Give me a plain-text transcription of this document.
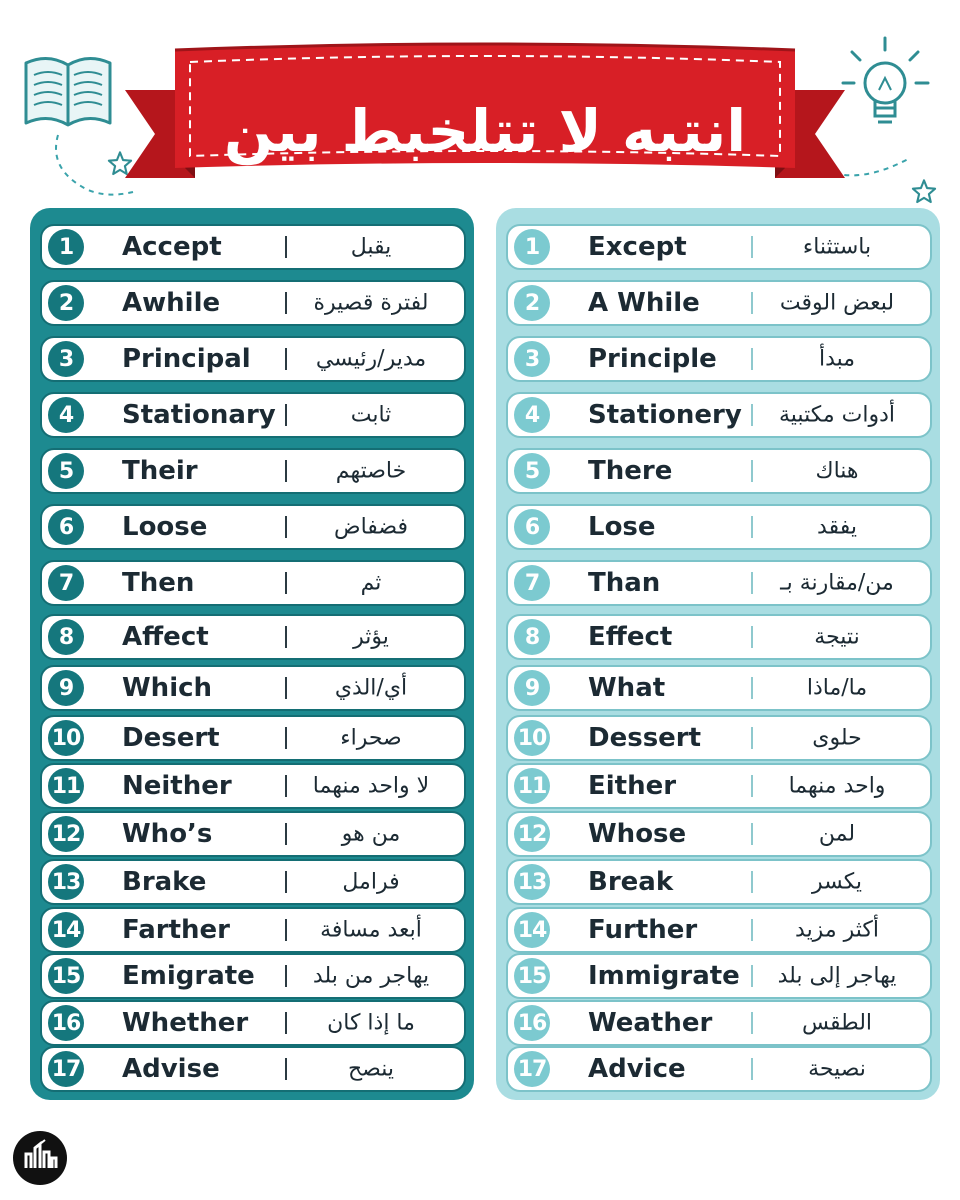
انتبه لا تتلخبط بين
1	Accept	يقبل
2	Awhile	لفترة قصيرة
3	Principal	مدير/رئيسي
4	Stationary	ثابت
5	Their	خاصتهم
6	Loose	فضفاض
7	Then	ثم
8	Affect	يؤثر
9	Which	أي/الذي
10 Desert	صحراء
11 Neither	لا واحد منهما
12 Who’s	من هو
13 Brake	فرامل
14 Farther	أبعد مسافة
15 Emigrate	يهاجر من بلد
16 Whether	ما إذا كان
17 Advise	ينصح
1	Except	باستثناء
2	A While	لبعض الوقت
3	Principle	مبدأ
4	Stationery	أدوات مكتبية
5	There	هناك
6	Lose	يفقد
7	Than	من/مقارنة بـ
8	Effect	نتيجة
9	What	ما/ماذا
10 Dessert	حلوى
11 Either	واحد منهما
12 Whose	لمن
13 Break	يكسر
14 Further	أكثر مزيد
15 Immigrate	يهاجر إلى بلد
16 Weather	الطقس
17 Advice	نصيحة
